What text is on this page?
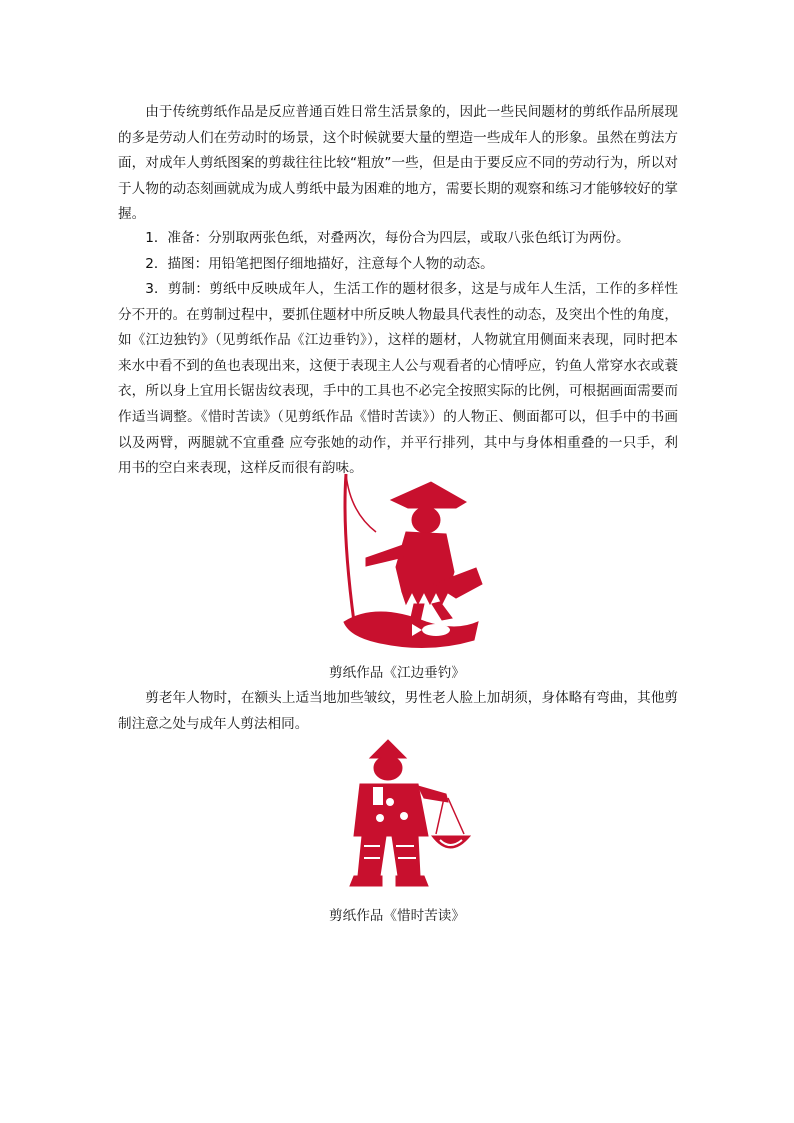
由于传统剪纸作品是反应普通百姓日常生活景象的，因此一些民间题材的剪纸作品所展现的多是劳动人们在劳动时的场景，这个时候就要大量的塑造一些成年人的形象。虽然在剪法方面，对成年人剪纸图案的剪裁往往比较“粗放”一些，但是由于要反应不同的劳动行为，所以对于人物的动态刻画就成为成人剪纸中最为困难的地方，需要长期的观察和练习才能够较好的掌握。

1．准备：分别取两张色纸，对叠两次，每份合为四层，或取八张色纸订为两份。

2．描图：用铅笔把图仔细地描好，注意每个人物的动态。

3．剪制：剪纸中反映成年人，生活工作的题材很多，这是与成年人生活，工作的多样性分不开的。在剪制过程中，要抓住题材中所反映人物最具代表性的动态，及突出个性的角度，如《江边独钓》（见剪纸作品《江边垂钓》），这样的题材，人物就宜用侧面来表现，同时把本来水中看不到的鱼也表现出来，这便于表现主人公与观看者的心情呼应，钓鱼人常穿水衣或蓑衣，所以身上宜用长锯齿纹表现，手中的工具也不必完全按照实际的比例，可根据画面需要而作适当调整。《惜时苦读》（见剪纸作品《惜时苦读》）的人物正、侧面都可以，但手中的书画以及两臂，两腿就不宜重叠 应夸张她的动作，并平行排列，其中与身体相重叠的一只手，利用书的空白来表现，这样反而很有韵味。

剪纸作品《江边垂钓》

剪老年人物时，在额头上适当地加些皱纹，男性老人脸上加胡须，身体略有弯曲，其他剪制注意之处与成年人剪法相同。

剪纸作品《惜时苦读》
